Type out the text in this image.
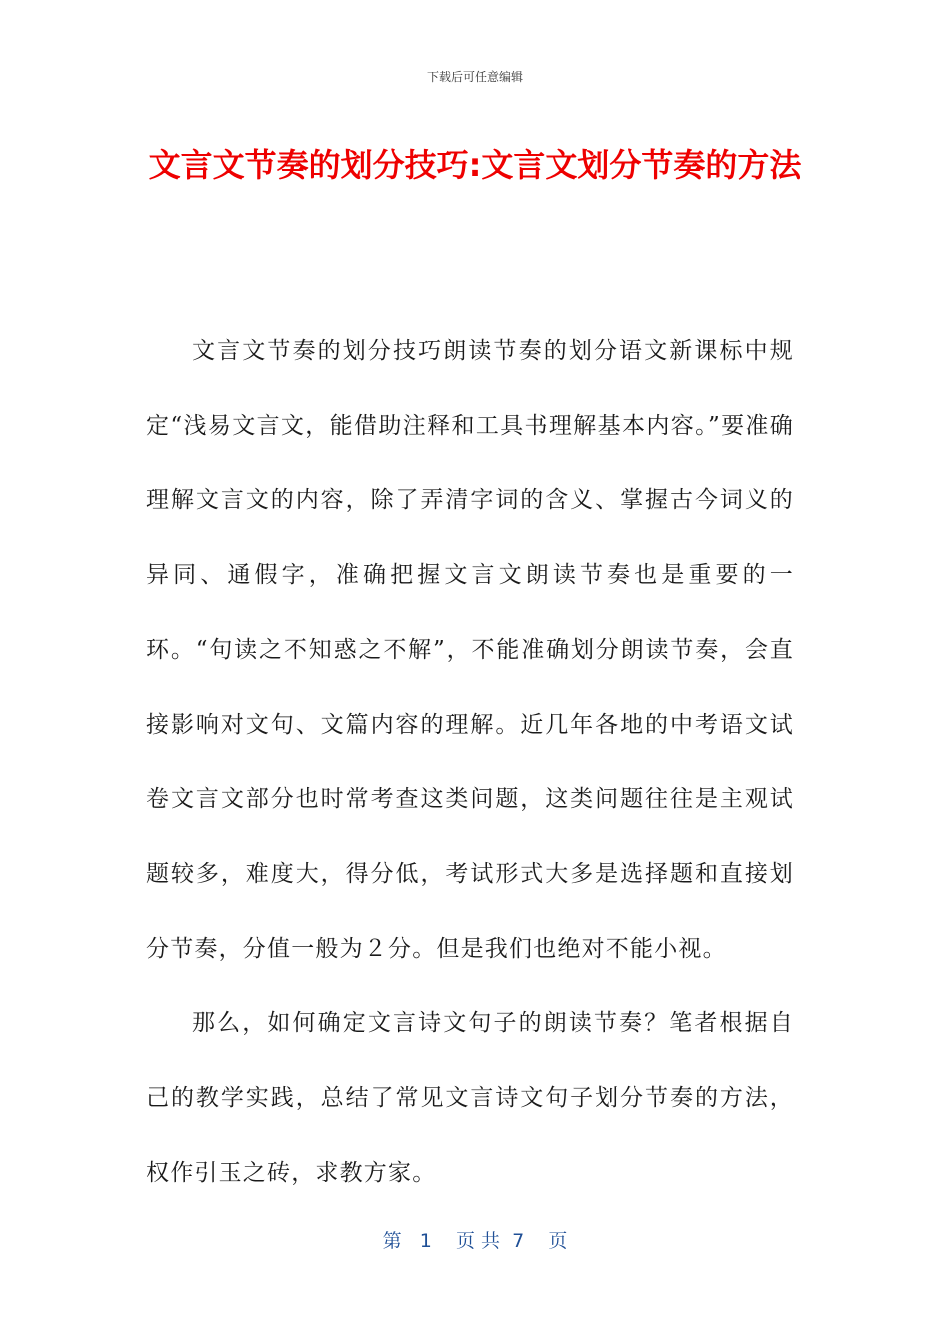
下载后可任意编辑
文言文节奏的划分技巧:文言文划分节奏的方法

文言文节奏的划分技巧朗读节奏的划分语文新课标中规定“浅易文言文，能借助注释和工具书理解基本内容。”要准确理解文言文的内容，除了弄清字词的含义、掌握古今词义的异同、通假字，准确把握文言文朗读节奏也是重要的一环。“句读之不知惑之不解”，不能准确划分朗读节奏，会直接影响对文句、文篇内容的理解。近几年各地的中考语文试卷文言文部分也时常考查这类问题，这类问题往往是主观试题较多，难度大，得分低，考试形式大多是选择题和直接划分节奏，分值一般为２分。但是我们也绝对不能小视。

那么，如何确定文言诗文句子的朗读节奏？笔者根据自己的教学实践，总结了常见文言诗文句子划分节奏的方法，权作引玉之砖，求教方家。

第   1    页 共  7    页
